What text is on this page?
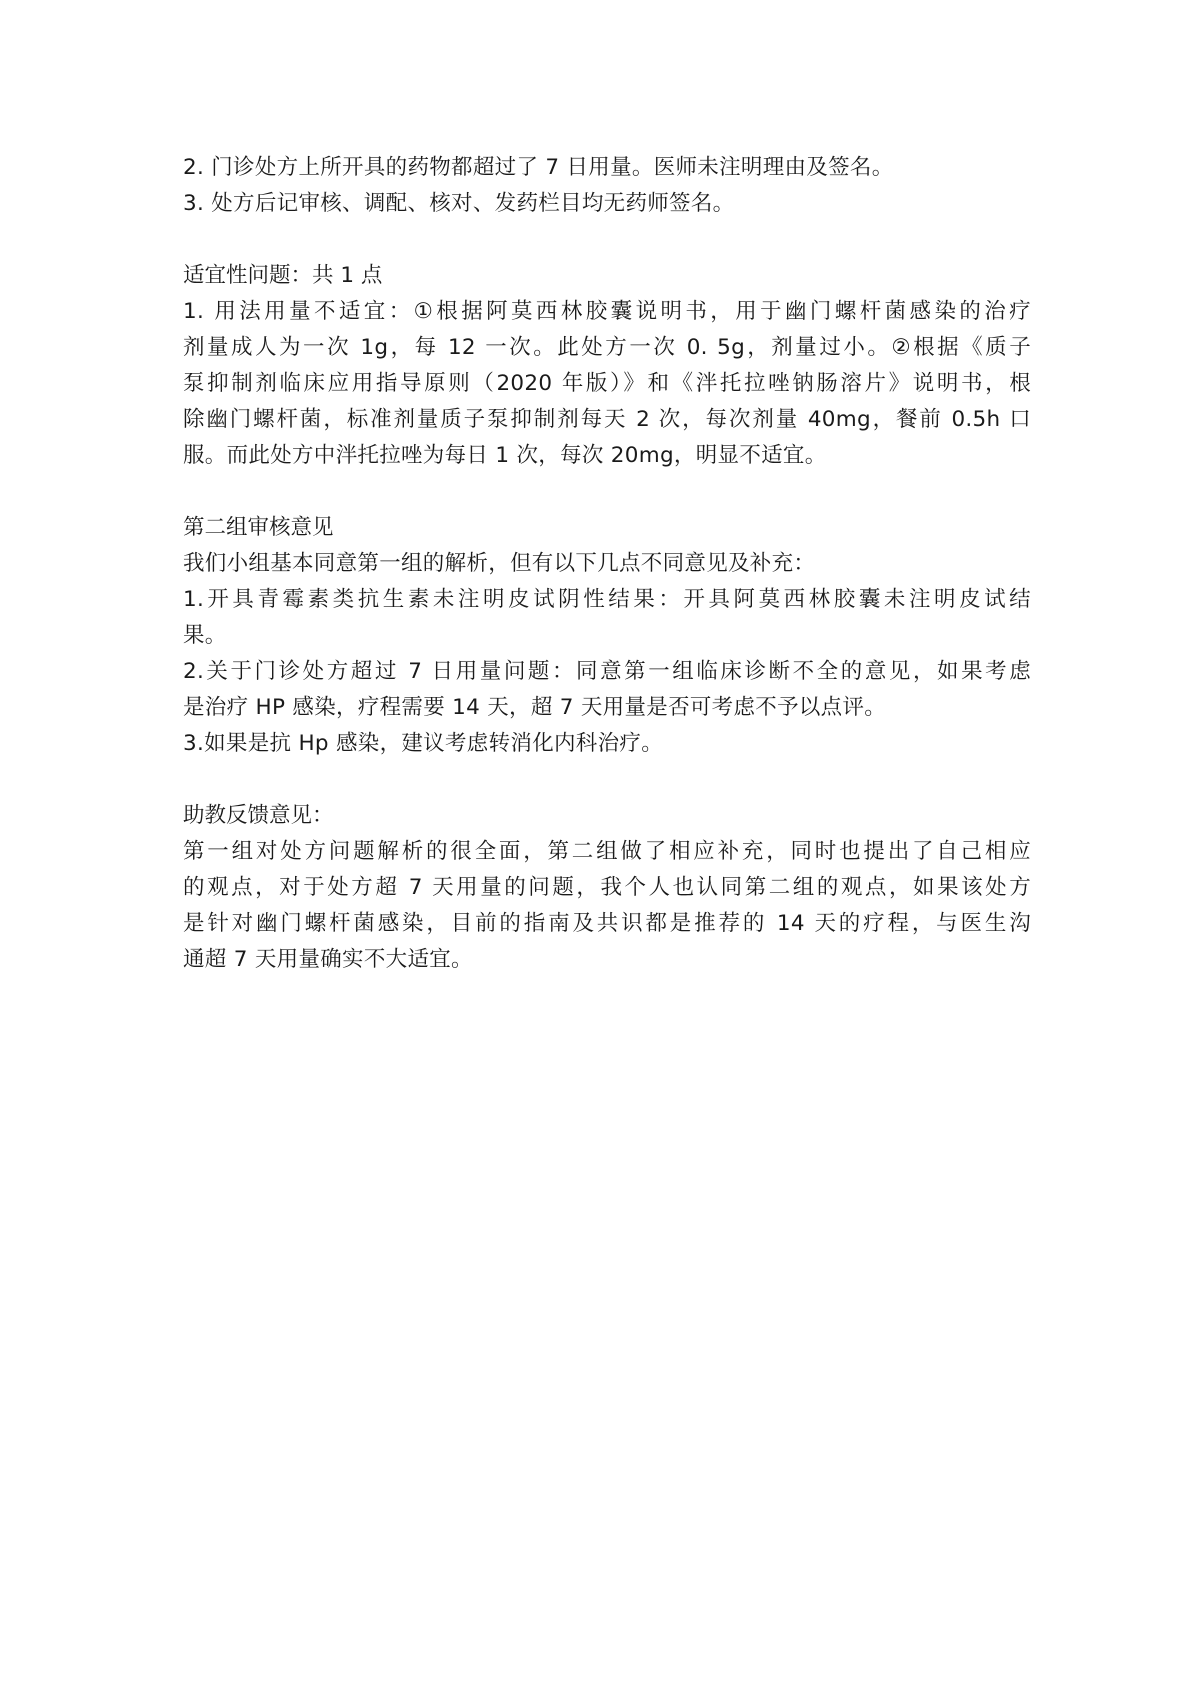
2. 门诊处方上所开具的药物都超过了 7 日用量。医师未注明理由及签名。
3. 处方后记审核、调配、核对、发药栏目均无药师签名。
适宜性问题：共 1 点
1. 用法用量不适宜：①根据阿莫西林胶囊说明书，用于幽门螺杆菌感染的治疗
剂量成人为一次 1g，每 12 一次。此处方一次 0. 5g，剂量过小。②根据《质子
泵抑制剂临床应用指导原则（2020 年版）》和《泮托拉唑钠肠溶片》说明书，根
除幽门螺杆菌，标准剂量质子泵抑制剂每天 2 次，每次剂量 40mg，餐前 0.5h 口
服。而此处方中泮托拉唑为每日 1 次，每次 20mg，明显不适宜。
第二组审核意见
我们小组基本同意第一组的解析，但有以下几点不同意见及补充：
1.开具青霉素类抗生素未注明皮试阴性结果：开具阿莫西林胶囊未注明皮试结
果。
2.关于门诊处方超过 7 日用量问题：同意第一组临床诊断不全的意见，如果考虑
是治疗 HP 感染，疗程需要 14 天，超 7 天用量是否可考虑不予以点评。
3.如果是抗 Hp 感染，建议考虑转消化内科治疗。
助教反馈意见：
第一组对处方问题解析的很全面，第二组做了相应补充，同时也提出了自己相应
的观点，对于处方超 7 天用量的问题，我个人也认同第二组的观点，如果该处方
是针对幽门螺杆菌感染，目前的指南及共识都是推荐的 14 天的疗程，与医生沟
通超 7 天用量确实不大适宜。
